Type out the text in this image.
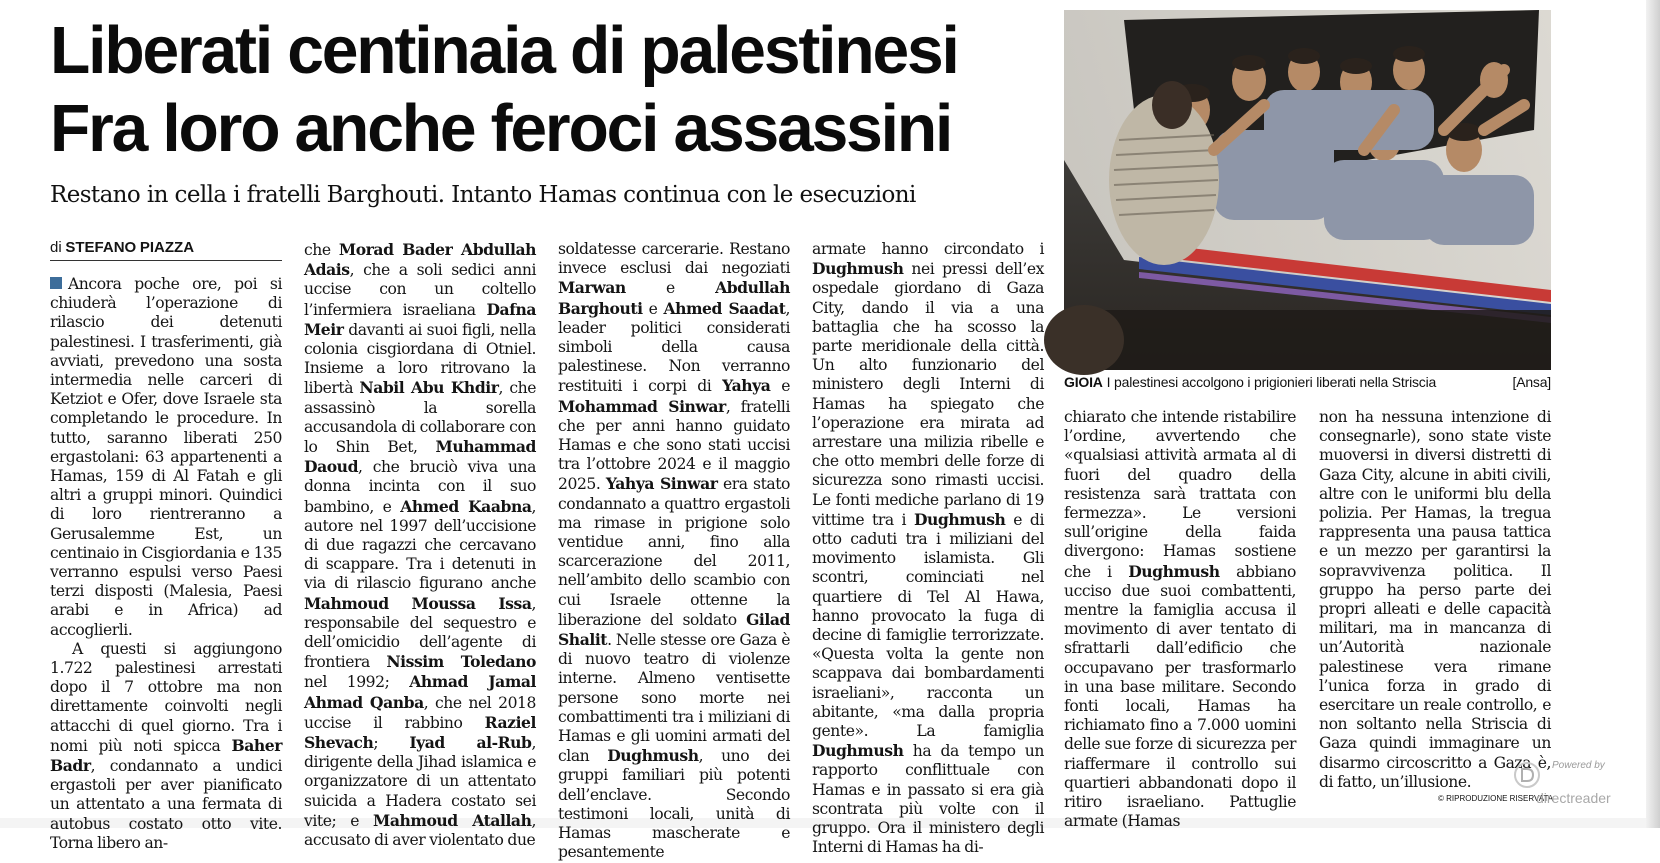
Liberati centinaia di palestinesi
Fra loro anche feroci assassini
Restano in cella i fratelli Barghouti. Intanto Hamas continua con le esecuzioni
di STEFANO PIAZZA

Ancora poche ore, poi si chiuderà l’operazione di rilascio dei detenuti palestinesi. I trasferimenti, già avviati, prevedono una sosta intermedia nelle carceri di Ketziot e Ofer, dove Israele sta completando le procedure. In tutto, saranno liberati 250 ergastolani: 63 appartenenti a Hamas, 159 di Al Fatah e gli altri a gruppi minori. Quindici di loro rientreranno a Gerusalemme Est, un centinaio in Cisgiordania e 135 verranno espulsi verso Paesi terzi disposti (Malesia, Paesi arabi e in Africa) ad accoglierli.

A questi si aggiungono 1.722 palestinesi arrestati dopo il 7 ottobre ma non direttamente coinvolti negli attacchi di quel giorno. Tra i nomi più noti spicca Baher Badr, condannato a undici ergastoli per aver pianificato un attentato a una fermata di autobus costato otto vite. Torna libero an-

che Morad Bader Abdullah Adais, che a soli sedici anni uccise con un coltello l’infermiera israeliana Dafna Meir davanti ai suoi figli, nella colonia cisgiordana di Otniel. Insieme a loro ritrovano la libertà Nabil Abu Khdir, che assassinò la sorella accusandola di collaborare con lo Shin Bet, Muhammad Daoud, che bruciò viva una donna incinta con il suo bambino, e Ahmed Kaabna, autore nel 1997 dell’uccisione di due ragazzi che cercavano di scappare. Tra i detenuti in via di rilascio figurano anche Mahmoud Moussa Issa, responsabile del sequestro e dell’omicidio dell’agente di frontiera Nissim Toledano nel 1992; Ahmad Jamal Ahmad Qanba, che nel 2018 uccise il rabbino Raziel Shevach; Iyad al-Rub, dirigente della Jihad islamica e organizzatore di un attentato suicida a Hadera costato sei vite; e Mahmoud Atallah, accusato di aver violentato due

soldatesse carcerarie. Restano invece esclusi dai negoziati Marwan e Abdullah Barghouti e Ahmed Saadat, leader politici considerati simboli della causa palestinese. Non verranno restituiti i corpi di Yahya e Mohammad Sinwar, fratelli che per anni hanno guidato Hamas e che sono stati uccisi tra l’ottobre 2024 e il maggio 2025. Yahya Sinwar era stato condannato a quattro ergastoli ma rimase in prigione solo ventidue anni, fino alla scarcerazione del 2011, nell’ambito dello scambio con cui Israele ottenne la liberazione del soldato Gilad Shalit. Nelle stesse ore Gaza è di nuovo teatro di violenze interne. Almeno ventisette persone sono morte nei combattimenti tra i miliziani di Hamas e gli uomini armati del clan Dughmush, uno dei gruppi familiari più potenti dell’enclave. Secondo testimoni locali, unità di Hamas mascherate e pesantemente

armate hanno circondato i Dughmush nei pressi dell’ex ospedale giordano di Gaza City, dando il via a una battaglia che ha scosso la parte meridionale della città. Un alto funzionario del ministero degli Interni di Hamas ha spiegato che l’operazione era mirata ad arrestare una milizia ribelle e che otto membri delle forze di sicurezza sono rimasti uccisi. Le fonti mediche parlano di 19 vittime tra i Dughmush e di otto caduti tra i miliziani del movimento islamista. Gli scontri, cominciati nel quartiere di Tel Al Hawa, hanno provocato la fuga di decine di famiglie terrorizzate. «Questa volta la gente non scappava dai bombardamenti israeliani», racconta un abitante, «ma dalla propria gente». La famiglia Dughmush ha da tempo un rapporto conflittuale con Hamas e in passato si era già scontrata più volte con il gruppo. Ora il ministero degli Interni di Hamas ha di-

chiarato che intende ristabilire l’ordine, avvertendo che «qualsiasi attività armata al di fuori del quadro della resistenza sarà trattata con fermezza». Le versioni sull’origine della faida divergono: Hamas sostiene che i Dughmush abbiano ucciso due suoi combattenti, mentre la famiglia accusa il movimento di aver tentato di sfrattarli dall’edificio che occupavano per trasformarlo in una base militare. Secondo fonti locali, Hamas ha richiamato fino a 7.000 uomini delle sue forze di sicurezza per riaffermare il controllo sui quartieri abbandonati dopo il ritiro israeliano. Pattuglie armate (Hamas

non ha nessuna intenzione di consegnarle), sono state viste muoversi in diversi distretti di Gaza City, alcune in abiti civili, altre con le uniformi blu della polizia. Per Hamas, la tregua rappresenta una pausa tattica e un mezzo per garantirsi la sopravvivenza politica. Il gruppo ha perso parte dei propri alleati e delle capacità militari, ma in mancanza di un’Autorità nazionale palestinese vera rimane l’unica forza in grado di esercitare un reale controllo, e non soltanto nella Striscia di Gaza quindi immaginare un disarmo circoscritto a Gaza è, di fatto, un’illusione.

GIOIA I palestinesi accolgono i prigionieri liberati nella Striscia	[Ansa]
© RIPRODUZIONE RISERVATA
Powered by
directreader
